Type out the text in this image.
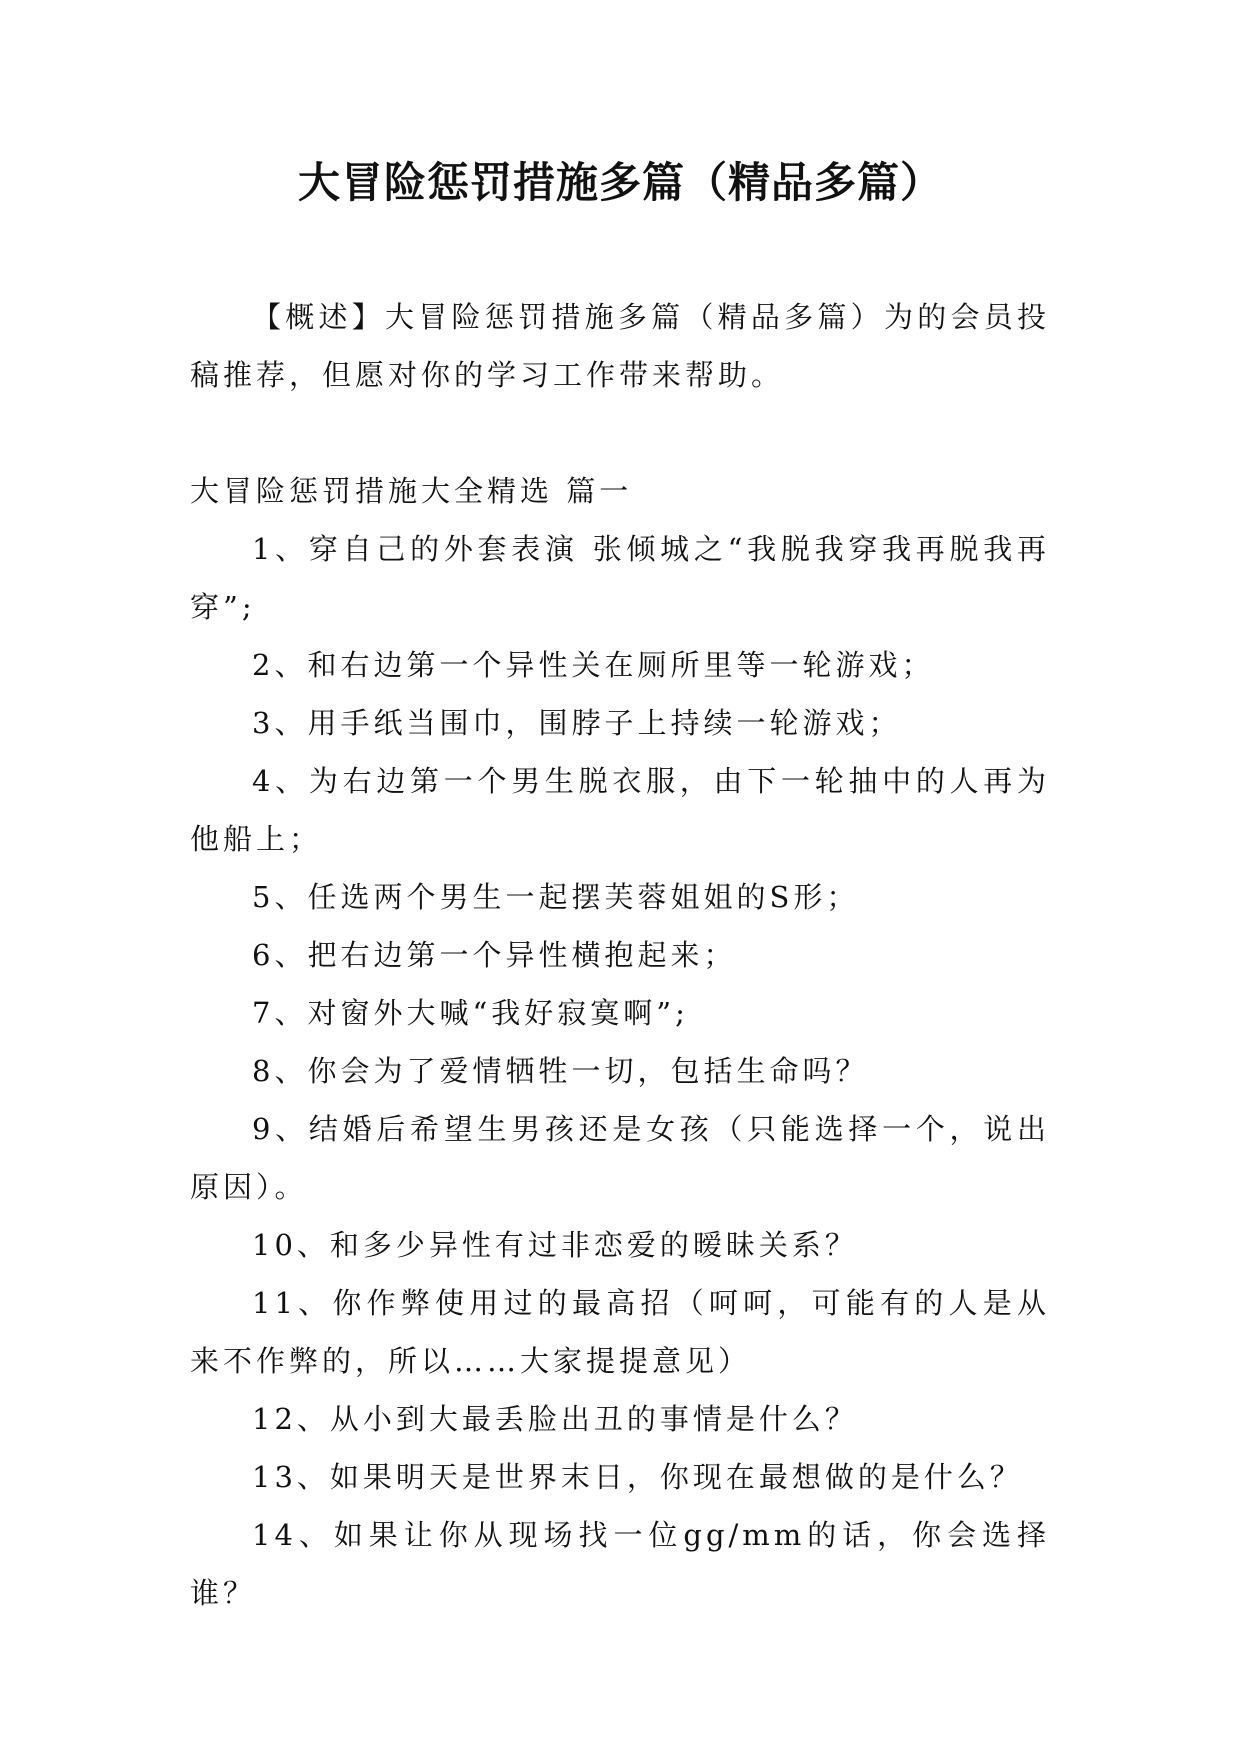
大冒险惩罚措施多篇（精品多篇）

【概述】大冒险惩罚措施多篇（精品多篇）为的会员投稿推荐，但愿对你的学习工作带来帮助。

大冒险惩罚措施大全精选 篇一

1、穿自己的外套表演 张倾城之“我脱我穿我再脱我再穿”;

2、和右边第一个异性关在厕所里等一轮游戏；

3、用手纸当围巾，围脖子上持续一轮游戏；

4、为右边第一个男生脱衣服，由下一轮抽中的人再为他船上；

5、任选两个男生一起摆芙蓉姐姐的S形；

6、把右边第一个异性横抱起来；

7、对窗外大喊“我好寂寞啊”;

8、你会为了爱情牺牲一切，包括生命吗？

9、结婚后希望生男孩还是女孩（只能选择一个，说出原因）。

10、和多少异性有过非恋爱的暧昧关系？

11、你作弊使用过的最高招（呵呵，可能有的人是从来不作弊的，所以……大家提提意见）

12、从小到大最丢脸出丑的事情是什么？

13、如果明天是世界末日，你现在最想做的是什么？

14、如果让你从现场找一位gg/mm的话，你会选择谁？
